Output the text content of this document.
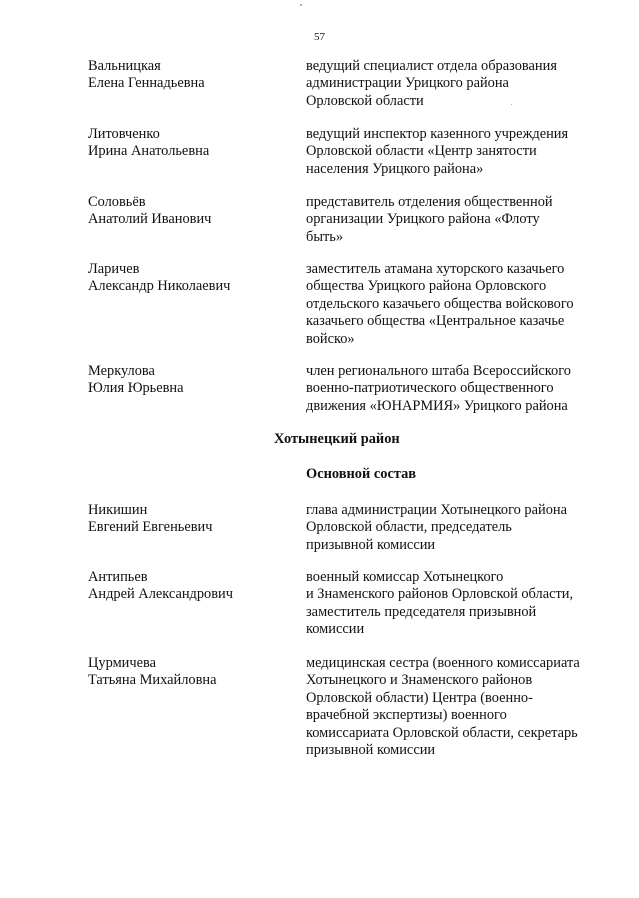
57

Вальницкая
Елена Геннадьевна

ведущий специалист отдела образования
администрации Урицкого района
Орловской области

Литовченко
Ирина Анатольевна

ведущий инспектор казенного учреждения
Орловской области «Центр занятости
населения Урицкого района»

Соловьёв
Анатолий Иванович

представитель отделения общественной
организации Урицкого района «Флоту
быть»

Ларичев
Александр Николаевич

заместитель атамана хуторского казачьего
общества Урицкого района Орловского
отдельского казачьего общества войскового
казачьего общества «Центральное казачье
войско»

Меркулова
Юлия Юрьевна

член регионального штаба Всероссийского
военно-патриотического общественного
движения «ЮНАРМИЯ» Урицкого района

Хотынецкий район
Основной состав

Никишин
Евгений Евгеньевич

глава администрации Хотынецкого района
Орловской области, председатель
призывной комиссии

Антипьев
Андрей Александрович

военный комиссар Хотынецкого
и Знаменского районов Орловской области,
заместитель председателя призывной
комиссии

Цурмичева
Татьяна Михайловна

медицинская сестра (военного комиссариата
Хотынецкого и Знаменского районов
Орловской области) Центра (военно-
врачебной экспертизы) военного
комиссариата Орловской области, секретарь
призывной комиссии
